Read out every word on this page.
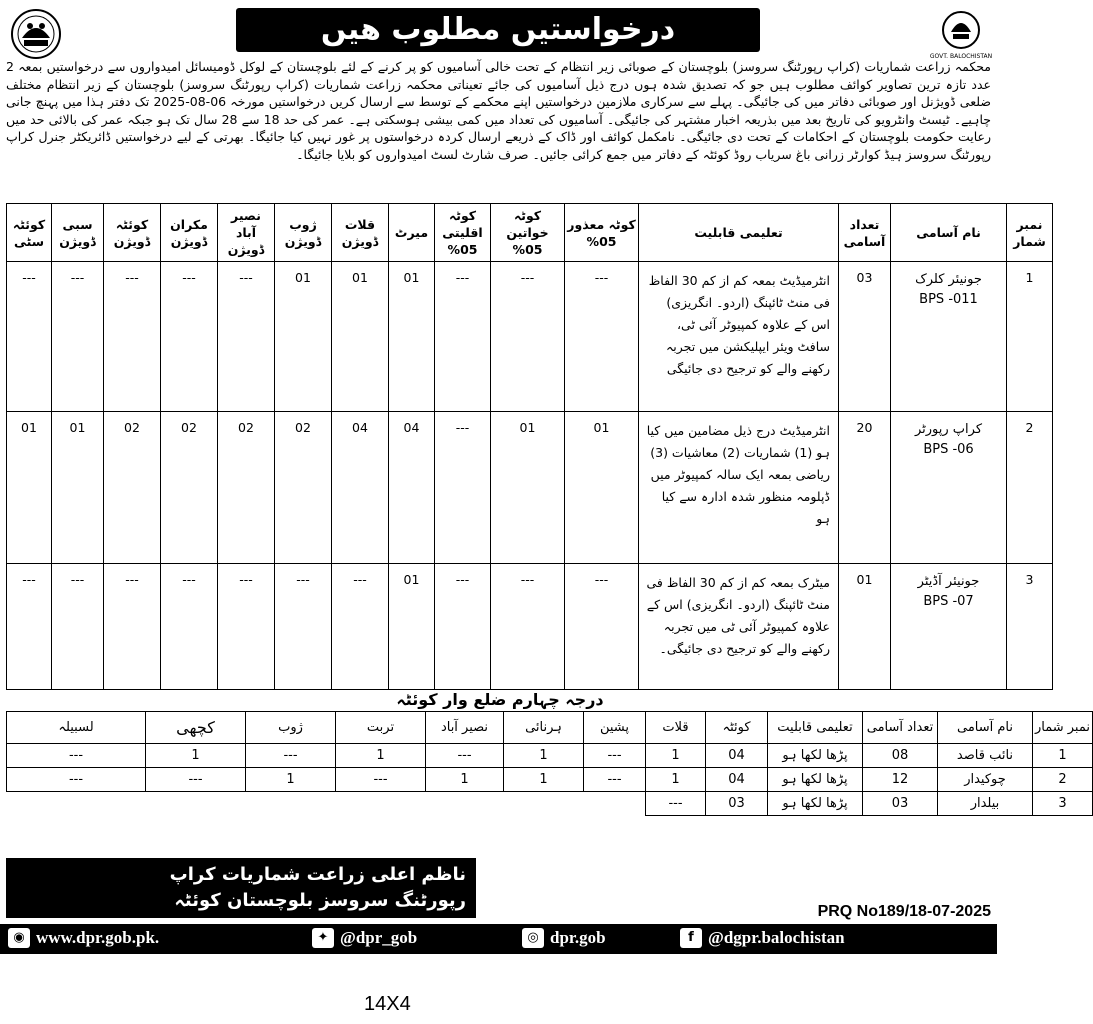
درخواستیں مطلوب ھیں
GOVT. BALOCHISTAN
محکمہ زراعت شماریات (کراپ رپورٹنگ سروسز) بلوچستان کے صوبائی زیر انتظام کے تحت خالی آسامیوں کو پر کرنے کے لئے بلوچستان کے لوکل ڈومیسائل امیدواروں سے درخواستیں بمعہ 2 عدد تازہ ترین تصاویر کوائف مطلوب ہیں جو کہ تصدیق شدہ ہوں درج ذیل آسامیوں کی جائے تعیناتی محکمہ زراعت شماریات (کراپ رپورٹنگ سروسز) بلوچستان کے زیر انتظام مختلف ضلعی ڈویژنل اور صوبائی دفاتر میں کی جائیگی۔ پہلے سے سرکاری ملازمین درخواستیں اپنے محکمے کے توسط سے ارسال کریں درخواستیں مورخہ 06-08-2025 تک دفتر ہذا میں پہنچ جانی چاہیے۔ ٹیسٹ وانٹرویو کی تاریخ بعد میں بذریعہ اخبار مشتہر کی جائیگی۔ آسامیوں کی تعداد میں کمی بیشی ہوسکتی ہے۔ عمر کی حد 18 سے 28 سال تک ہو جبکہ عمر کی بالائی حد میں رعایت حکومت بلوچستان کے احکامات کے تحت دی جائیگی۔ نامکمل کوائف اور ڈاک کے ذریعے ارسال کردہ درخواستوں پر غور نہیں کیا جائیگا۔ بھرتی کے لیے درخواستیں ڈائریکٹر جنرل کراپ رپورٹنگ سروسز ہیڈ کوارٹر زرانی باغ سریاب روڈ کوئٹہ کے دفاتر میں جمع کرائی جائیں۔ صرف شارٹ لسٹ امیدواروں کو بلایا جائیگا۔
نمبر شمار	نام آسامی	تعداد آسامی	تعلیمی قابلیت	کوٹہ معذور 05%	کوٹہ خواتین 05%	کوٹہ اقلیتی 05%	میرٹ	قلات ڈویژن	ژوب ڈویژن	نصیر آباد ڈویژن	مکران ڈویژن	کوئٹہ ڈویژن	سبی ڈویژن	کوئٹہ سٹی
1	جونیئر کلرک
BPS -011	03	انٹرمیڈیٹ بمعہ کم از کم 30 الفاظ فی منٹ ٹائپنگ (اردو۔ انگریزی) اس کے علاوہ کمپیوٹر آئی ٹی، سافٹ ویئر ایپلیکشن میں تجربہ رکھنے والے کو ترجیح دی جائیگی	---	---	---	01	01	01	---	---	---	---	---
2	کراپ رپورٹر
BPS -06	20	انٹرمیڈیٹ درج ذیل مضامین میں کیا ہو (1) شماریات (2) معاشیات (3) ریاضی بمعہ ایک سالہ کمپیوٹر میں ڈپلومہ منظور شدہ ادارہ سے کیا ہو	01	01	---	04	04	02	02	02	02	01	01
3	جونیئر آڈیٹر
BPS -07	01	میٹرک بمعہ کم از کم 30 الفاظ فی منٹ ٹائپنگ (اردو۔ انگریزی) اس کے علاوہ کمپیوٹر آئی ٹی میں تجربہ رکھنے والے کو ترجیح دی جائیگی۔	---	---	---	01	---	---	---	---	---	---	---
درجہ چہارم ضلع وار کوئٹہ
نمبر شمار	نام آسامی	تعداد آسامی	تعلیمی قابلیت	کوئٹہ	قلات	پشین	ہرنائی	نصیر آباد	تربت	ژوب	کچھی	لسبیلہ
1	نائب قاصد	08	پڑھا لکھا ہو	04	1	---	1	---	1	---	1	---
2	چوکیدار	12	پڑھا لکھا ہو	04	1	---	1	1	---	1	---	---
3	بیلدار	03	پڑھا لکھا ہو	03	---							
ناظم اعلی زراعت شماریات کراپ
رپورٹنگ سروسز بلوچستان کوئٹہ
PRQ No189/18-07-2025
◉ www.dpr.gob.pk.	✦ @dpr_gob	◎ dpr.gob	f @dgpr.balochistan
14X4
